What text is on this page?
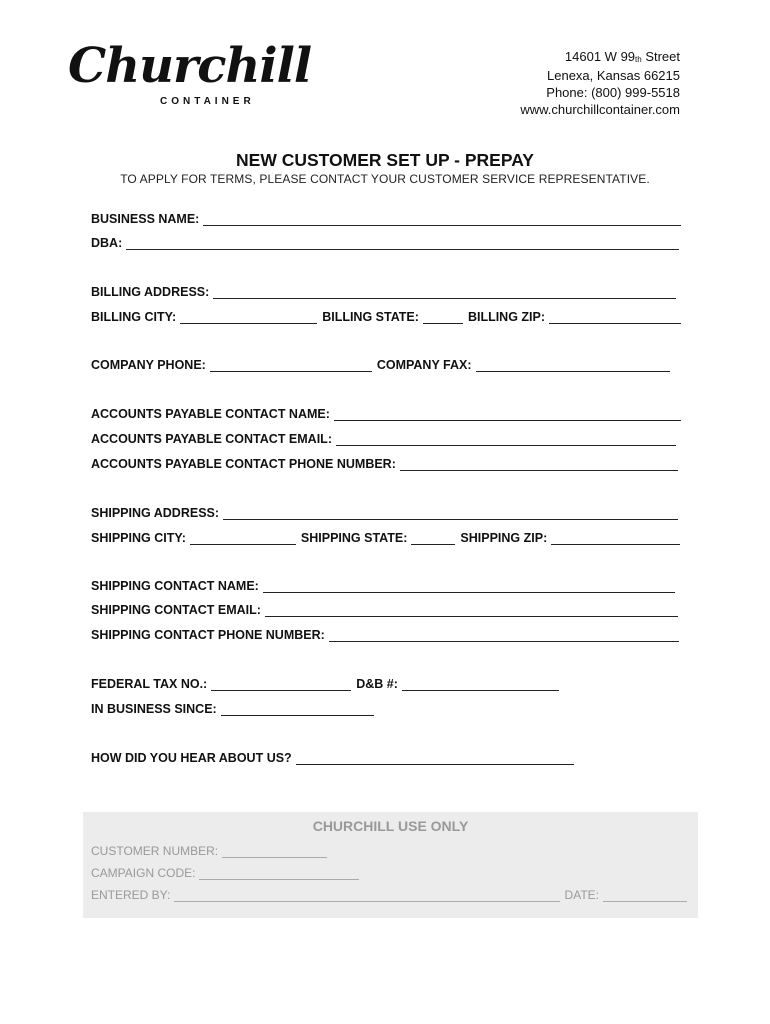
Churchill
CONTAINER
14601 W $99_{th}$ Street
Lenexa, Kansas 66215
Phone: (800) 999-5518
www.churchillcontainer.com
NEW CUSTOMER SET UP - PREPAY
TO APPLY FOR TERMS, PLEASE CONTACT YOUR CUSTOMER SERVICE REPRESENTATIVE.
BUSINESS NAME:
DBA:
BILLING ADDRESS:
BILLING CITY:	BILLING STATE:	BILLING ZIP:
COMPANY PHONE:	COMPANY FAX:
ACCOUNTS PAYABLE CONTACT NAME:
ACCOUNTS PAYABLE CONTACT EMAIL:
ACCOUNTS PAYABLE CONTACT PHONE NUMBER:
SHIPPING ADDRESS:
SHIPPING CITY:	SHIPPING STATE:	SHIPPING ZIP:
SHIPPING CONTACT NAME:
SHIPPING CONTACT EMAIL:
SHIPPING CONTACT PHONE NUMBER:
FEDERAL TAX NO.:	D&B #:
IN BUSINESS SINCE:
HOW DID YOU HEAR ABOUT US?
CHURCHILL USE ONLY
CUSTOMER NUMBER:
CAMPAIGN CODE:
ENTERED BY:	DATE:
